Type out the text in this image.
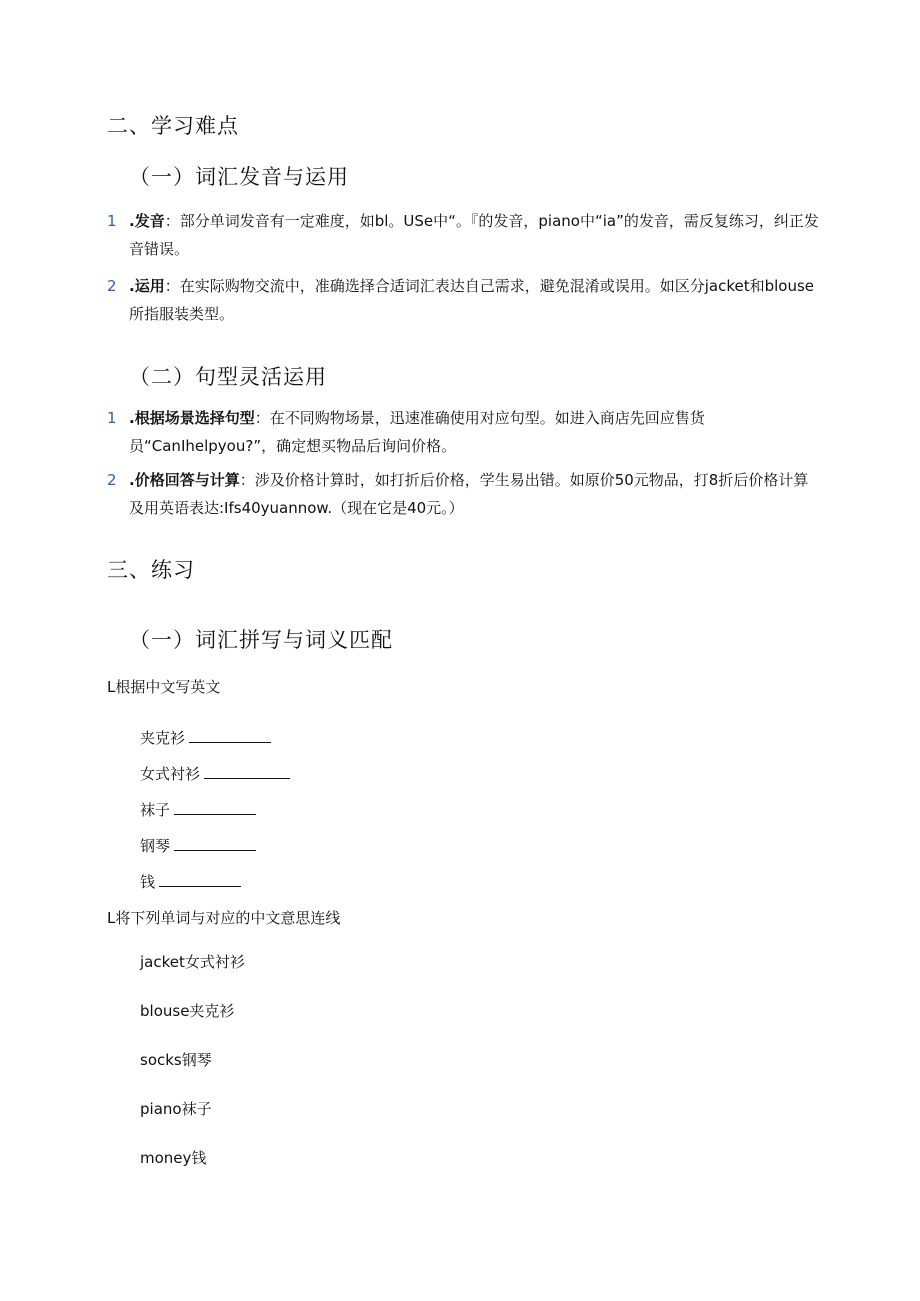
二、学习难点
（一）词汇发音与运用
1 .发音：部分单词发音有一定难度，如bl。USe中“。『的发音，piano中“ia”的发音，需反复练习，纠正发音错误。
2 .运用：在实际购物交流中，准确选择合适词汇表达自己需求，避免混淆或误用。如区分jacket和blouse所指服装类型。
（二）句型灵活运用
1 .根据场景选择句型：在不同购物场景，迅速准确使用对应句型。如进入商店先回应售货员“CanIhelpyou?”，确定想买物品后询问价格。
2 .价格回答与计算：涉及价格计算时，如打折后价格，学生易出错。如原价50元物品，打8折后价格计算及用英语表达:Ifs40yuannow.（现在它是40元。）
三、练习
（一）词汇拼写与词义匹配
L根据中文写英文
夹克衫
女式衬衫
袜子
钢琴
钱
L将下列单词与对应的中文意思连线
jacket女式衬衫
blouse夹克衫
socks钢琴
piano袜子
money钱
